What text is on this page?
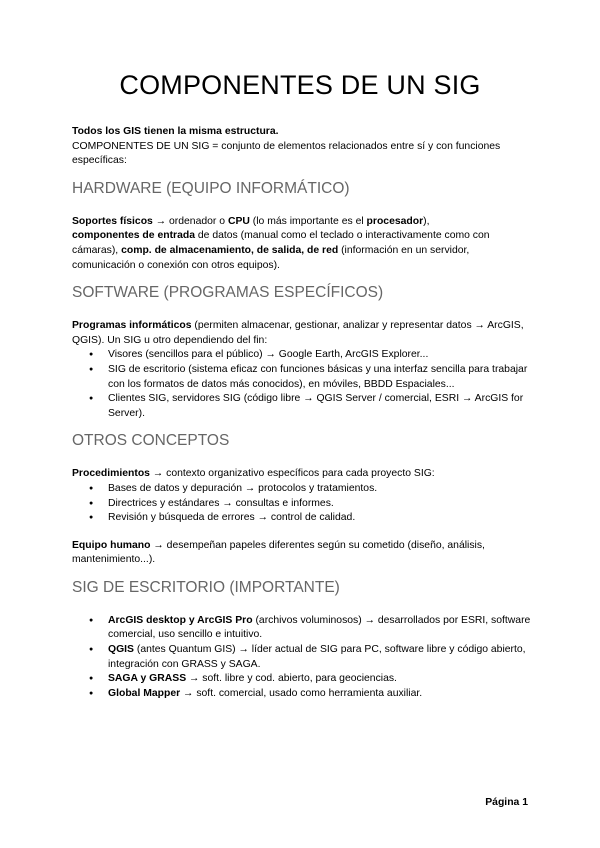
COMPONENTES DE UN SIG

Todos los GIS tienen la misma estructura.

COMPONENTES DE UN SIG = conjunto de elementos relacionados entre sí y con funciones específicas:

HARDWARE (EQUIPO INFORMÁTICO)

Soportes físicos → ordenador o CPU (lo más importante es el procesador),
componentes de entrada de datos (manual como el teclado o interactivamente como con cámaras), comp. de almacenamiento, de salida, de red (información en un servidor, comunicación o conexión con otros equipos).

SOFTWARE (PROGRAMAS ESPECÍFICOS)

Programas informáticos (permiten almacenar, gestionar, analizar y representar datos → ArcGIS, QGIS). Un SIG u otro dependiendo del fin:

● Visores (sencillos para el público) → Google Earth, ArcGIS Explorer...
● SIG de escritorio (sistema eficaz con funciones básicas y una interfaz sencilla para trabajar con los formatos de datos más conocidos), en móviles, BBDD Espaciales...
● Clientes SIG, servidores SIG (código libre → QGIS Server / comercial, ESRI → ArcGIS for Server).
OTROS CONCEPTOS

Procedimientos → contexto organizativo específicos para cada proyecto SIG:

● Bases de datos y depuración → protocolos y tratamientos.
● Directrices y estándares → consultas e informes.
● Revisión y búsqueda de errores → control de calidad.

Equipo humano → desempeñan papeles diferentes según su cometido (diseño, análisis, mantenimiento...).

SIG DE ESCRITORIO (IMPORTANTE)
● ArcGIS desktop y ArcGIS Pro (archivos voluminosos) → desarrollados por ESRI, software comercial, uso sencillo e intuitivo.
● QGIS (antes Quantum GIS) → líder actual de SIG para PC, software libre y código abierto, integración con GRASS y SAGA.
● SAGA y GRASS → soft. libre y cod. abierto, para geociencias.
● Global Mapper → soft. comercial, usado como herramienta auxiliar.
Página 1
